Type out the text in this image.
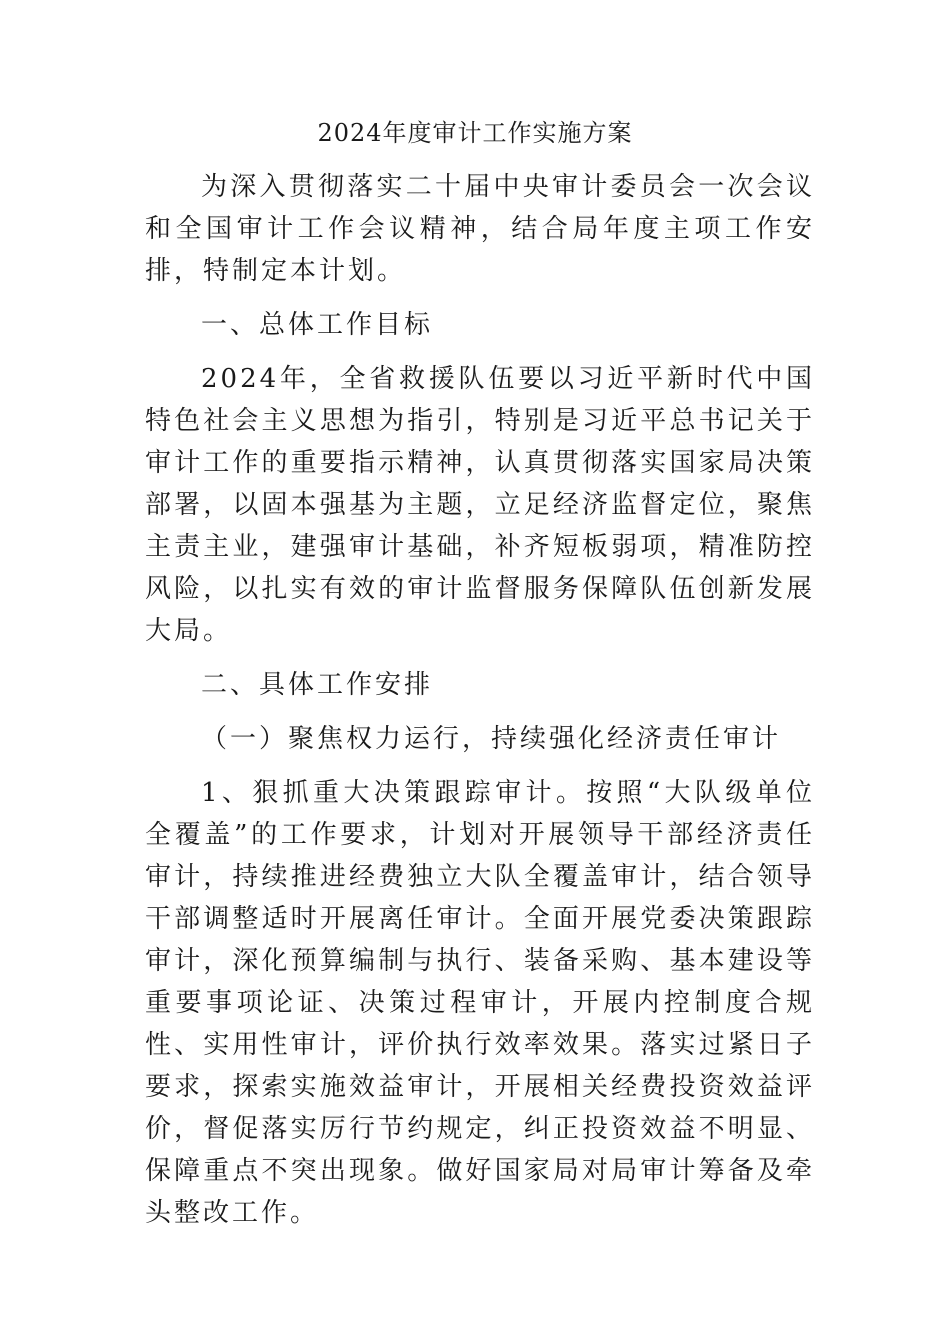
2024年度审计工作实施方案

为深入贯彻落实二十届中央审计委员会一次会议和全国审计工作会议精神，结合局年度主项工作安排，特制定本计划。

一、总体工作目标

2024年，全省救援队伍要以习近平新时代中国特色社会主义思想为指引，特别是习近平总书记关于审计工作的重要指示精神，认真贯彻落实国家局决策部署，以固本强基为主题，立足经济监督定位，聚焦主责主业，建强审计基础，补齐短板弱项，精准防控风险，以扎实有效的审计监督服务保障队伍创新发展大局。

二、具体工作安排

（一）聚焦权力运行，持续强化经济责任审计

1、狠抓重大决策跟踪审计。按照“大队级单位全覆盖”的工作要求，计划对开展领导干部经济责任审计，持续推进经费独立大队全覆盖审计，结合领导干部调整适时开展离任审计。全面开展党委决策跟踪审计，深化预算编制与执行、装备采购、基本建设等重要事项论证、决策过程审计，开展内控制度合规性、实用性审计，评价执行效率效果。落实过紧日子要求，探索实施效益审计，开展相关经费投资效益评价，督促落实厉行节约规定，纠正投资效益不明显、保障重点不突出现象。做好国家局对局审计筹备及牵头整改工作。
